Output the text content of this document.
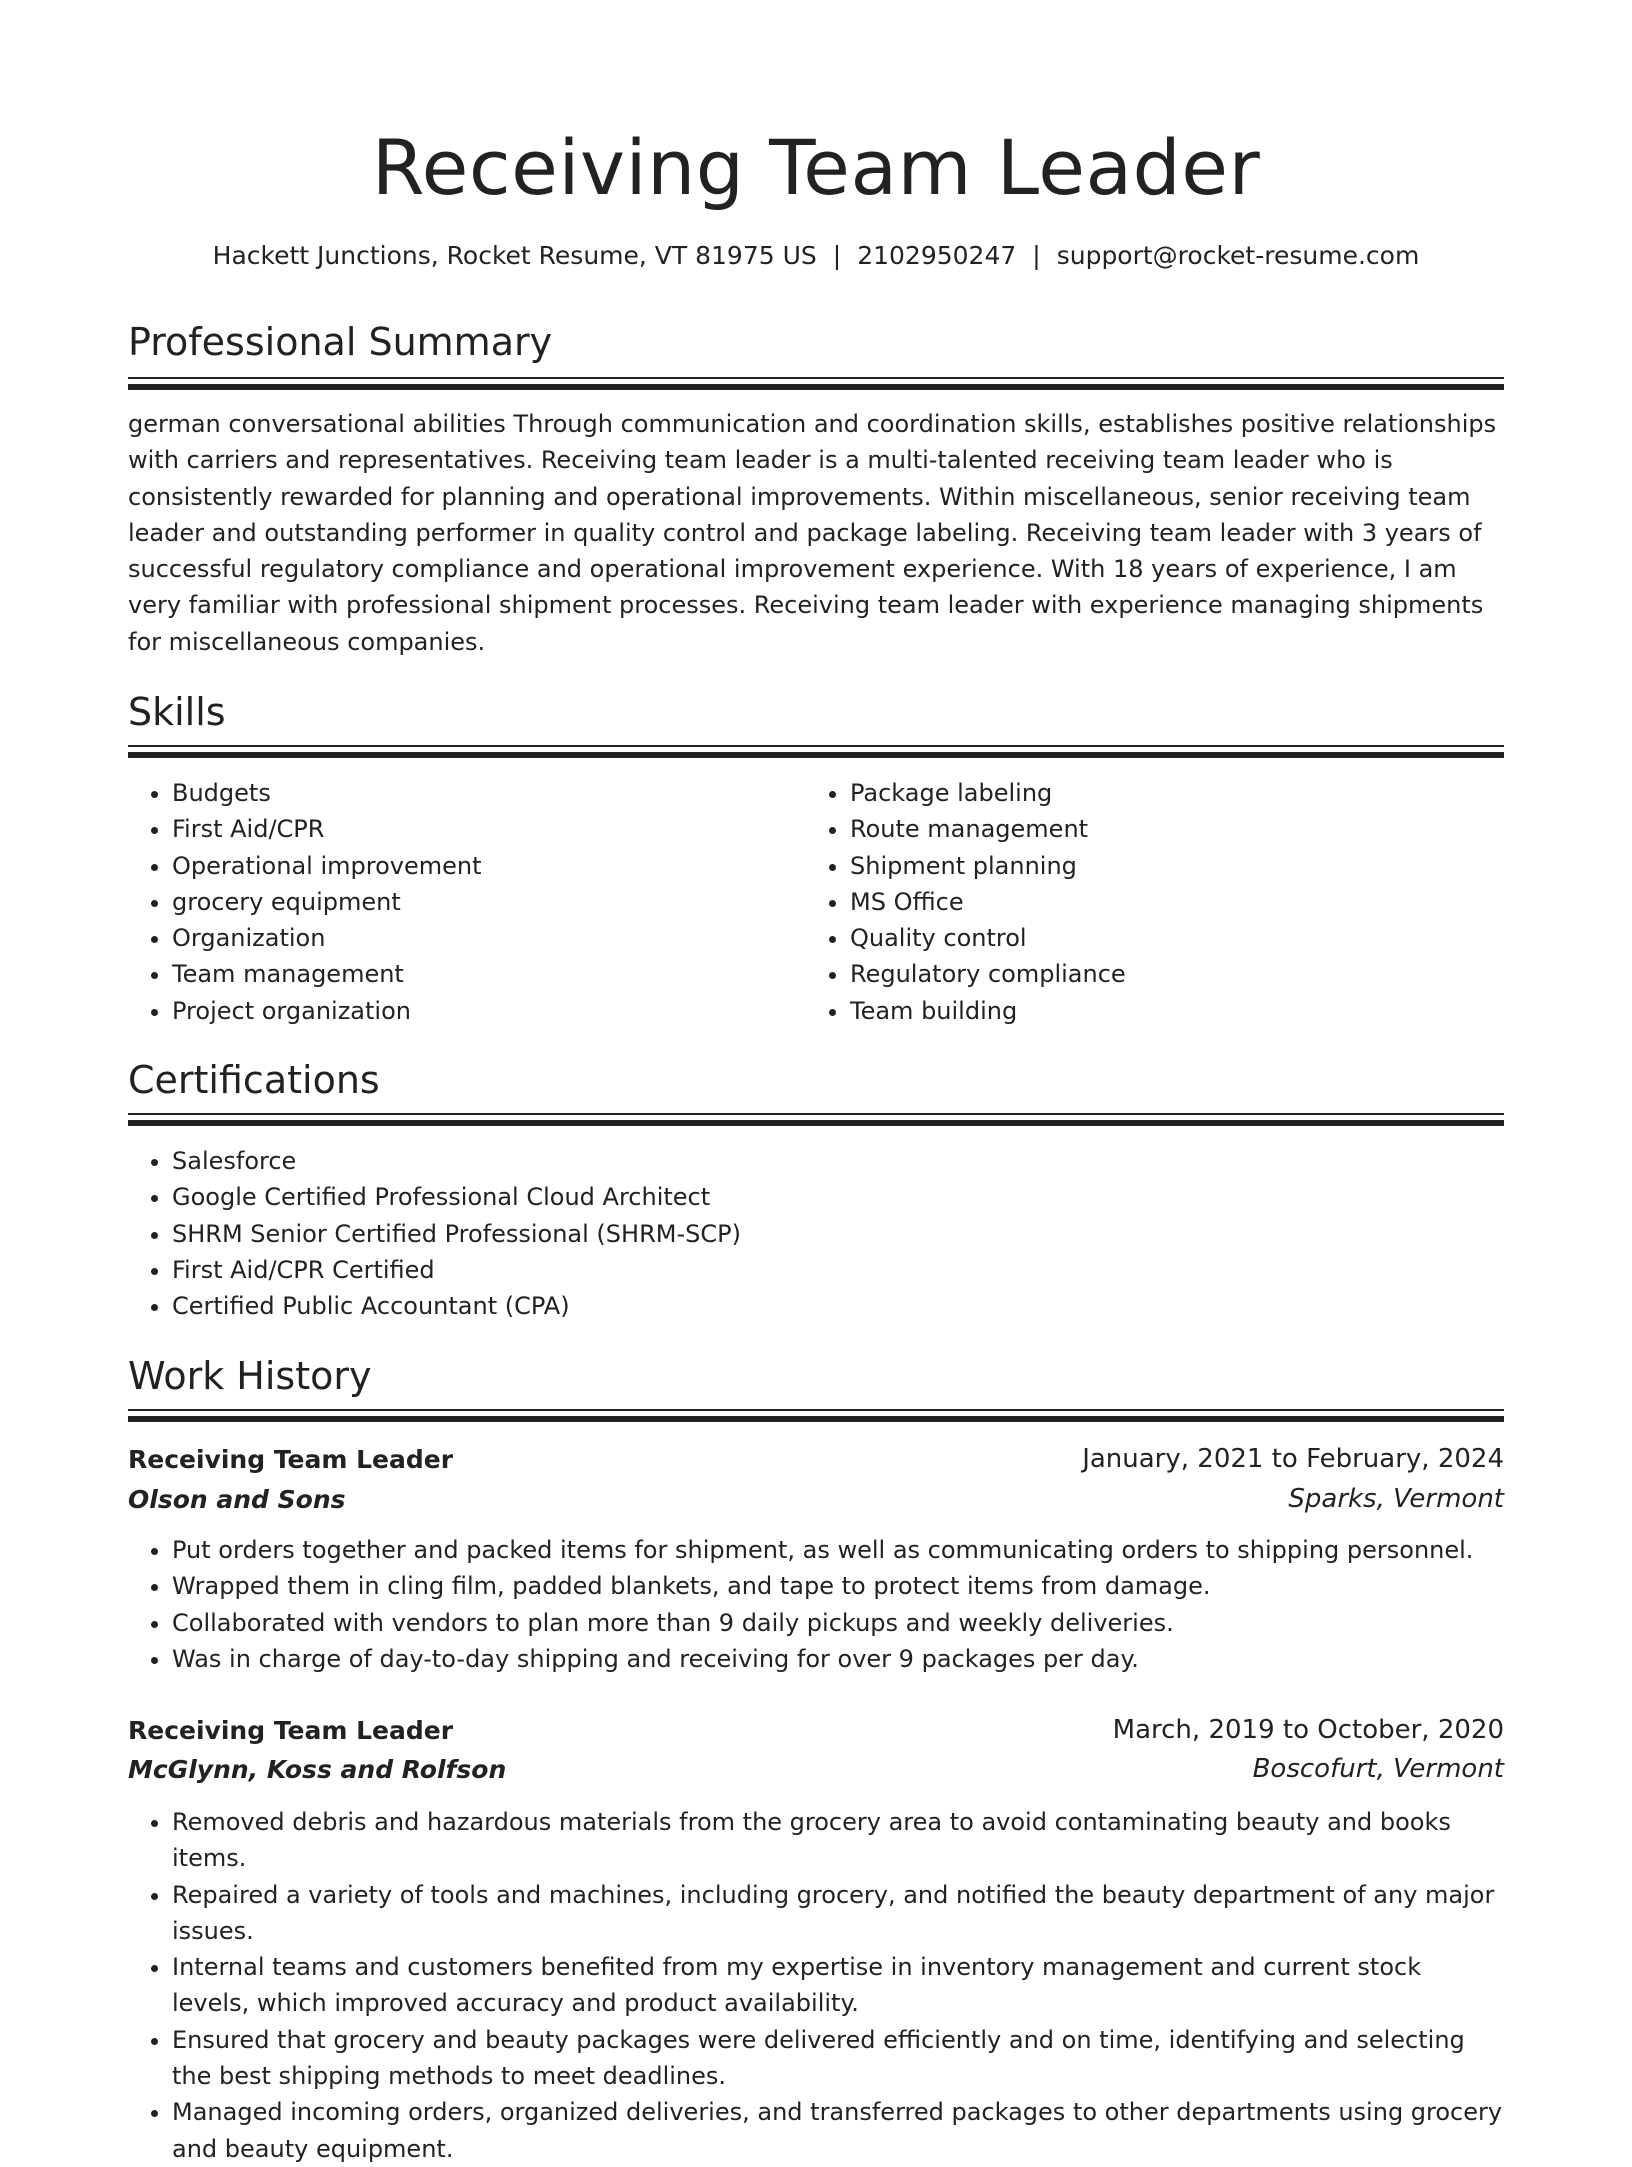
Receiving Team Leader
Hackett Junctions, Rocket Resume, VT 81975 US | 2102950247 | support@rocket-resume.com
Professional Summary

german conversational abilities Through communication and coordination skills, establishes positive relationships with carriers and representatives. Receiving team leader is a multi-talented receiving team leader who is consistently rewarded for planning and operational improvements. Within miscellaneous, senior receiving team leader and outstanding performer in quality control and package labeling. Receiving team leader with 3 years of successful regulatory compliance and operational improvement experience. With 18 years of experience, I am very familiar with professional shipment processes. Receiving team leader with experience managing shipments for miscellaneous companies.

Skills
• Budgets
• First Aid/CPR
• Operational improvement
• grocery equipment
• Organization
• Team management
• Project organization
• Package labeling
• Route management
• Shipment planning
• MS Office
• Quality control
• Regulatory compliance
• Team building
Certifications
• Salesforce
• Google Certified Professional Cloud Architect
• SHRM Senior Certified Professional (SHRM-SCP)
• First Aid/CPR Certified
• Certified Public Accountant (CPA)
Work History
Receiving Team Leader	January, 2021 to February, 2024
Olson and Sons	Sparks, Vermont
• Put orders together and packed items for shipment, as well as communicating orders to shipping personnel.
• Wrapped them in cling film, padded blankets, and tape to protect items from damage.
• Collaborated with vendors to plan more than 9 daily pickups and weekly deliveries.
• Was in charge of day-to-day shipping and receiving for over 9 packages per day.
Receiving Team Leader	March, 2019 to October, 2020
McGlynn, Koss and Rolfson	Boscofurt, Vermont
• Removed debris and hazardous materials from the grocery area to avoid contaminating beauty and books items.
• Repaired a variety of tools and machines, including grocery, and notified the beauty department of any major issues.
• Internal teams and customers benefited from my expertise in inventory management and current stock levels, which improved accuracy and product availability.
• Ensured that grocery and beauty packages were delivered efficiently and on time, identifying and selecting the best shipping methods to meet deadlines.
• Managed incoming orders, organized deliveries, and transferred packages to other departments using grocery and beauty equipment.
